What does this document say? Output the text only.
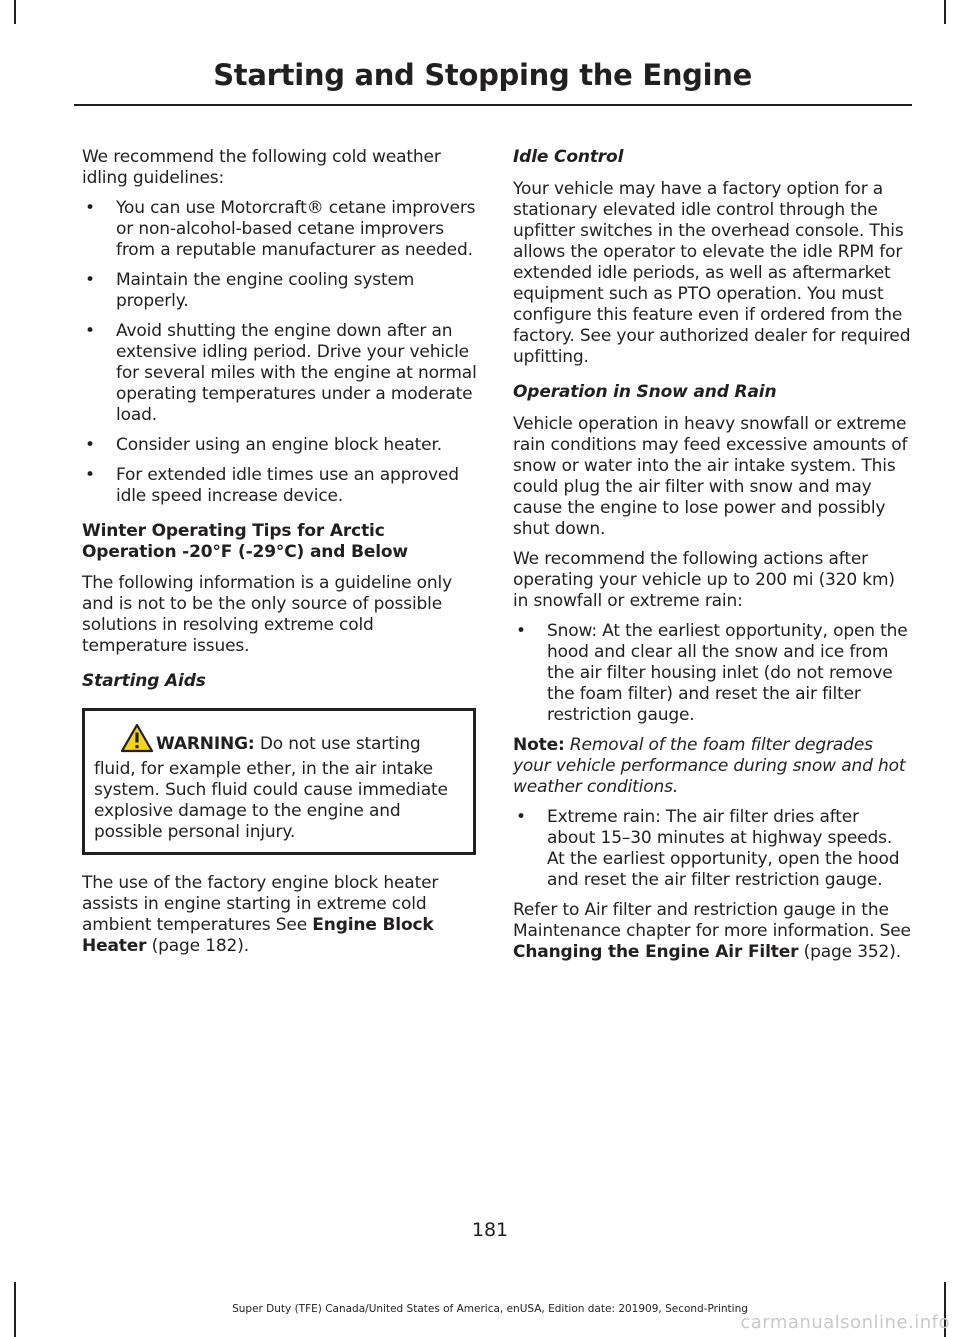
Starting and Stopping the Engine

We recommend the following cold weather idling guidelines:

• You can use Motorcraft® cetane improvers or non-alcohol-based cetane improvers from a reputable manufacturer as needed.
• Maintain the engine cooling system properly.
• Avoid shutting the engine down after an extensive idling period. Drive your vehicle for several miles with the engine at normal operating temperatures under a moderate load.
• Consider using an engine block heater.
• For extended idle times use an approved idle speed increase device.
Winter Operating Tips for Arctic Operation -20°F (-29°C) and Below

The following information is a guideline only and is not to be the only source of possible solutions in resolving extreme cold temperature issues.

Starting Aids
WARNING: Do not use starting fluid, for example ether, in the air intake system. Such fluid could cause immediate explosive damage to the engine and possible personal injury.

The use of the factory engine block heater assists in engine starting in extreme cold ambient temperatures See Engine Block Heater (page 182).

Idle Control

Your vehicle may have a factory option for a stationary elevated idle control through the upfitter switches in the overhead console. This allows the operator to elevate the idle RPM for extended idle periods, as well as aftermarket equipment such as PTO operation. You must configure this feature even if ordered from the factory. See your authorized dealer for required upfitting.

Operation in Snow and Rain

Vehicle operation in heavy snowfall or extreme rain conditions may feed excessive amounts of snow or water into the air intake system. This could plug the air filter with snow and may cause the engine to lose power and possibly shut down.

We recommend the following actions after operating your vehicle up to 200 mi (320 km) in snowfall or extreme rain:

• Snow: At the earliest opportunity, open the hood and clear all the snow and ice from the air filter housing inlet (do not remove the foam filter) and reset the air filter restriction gauge.

Note: Removal of the foam filter degrades your vehicle performance during snow and hot weather conditions.

• Extreme rain: The air filter dries after about 15–30 minutes at highway speeds. At the earliest opportunity, open the hood and reset the air filter restriction gauge.

Refer to Air filter and restriction gauge in the Maintenance chapter for more information. See Changing the Engine Air Filter (page 352).

181
Super Duty (TFE) Canada/United States of America, enUSA, Edition date: 201909, Second-Printing
carmanualsonline.info
